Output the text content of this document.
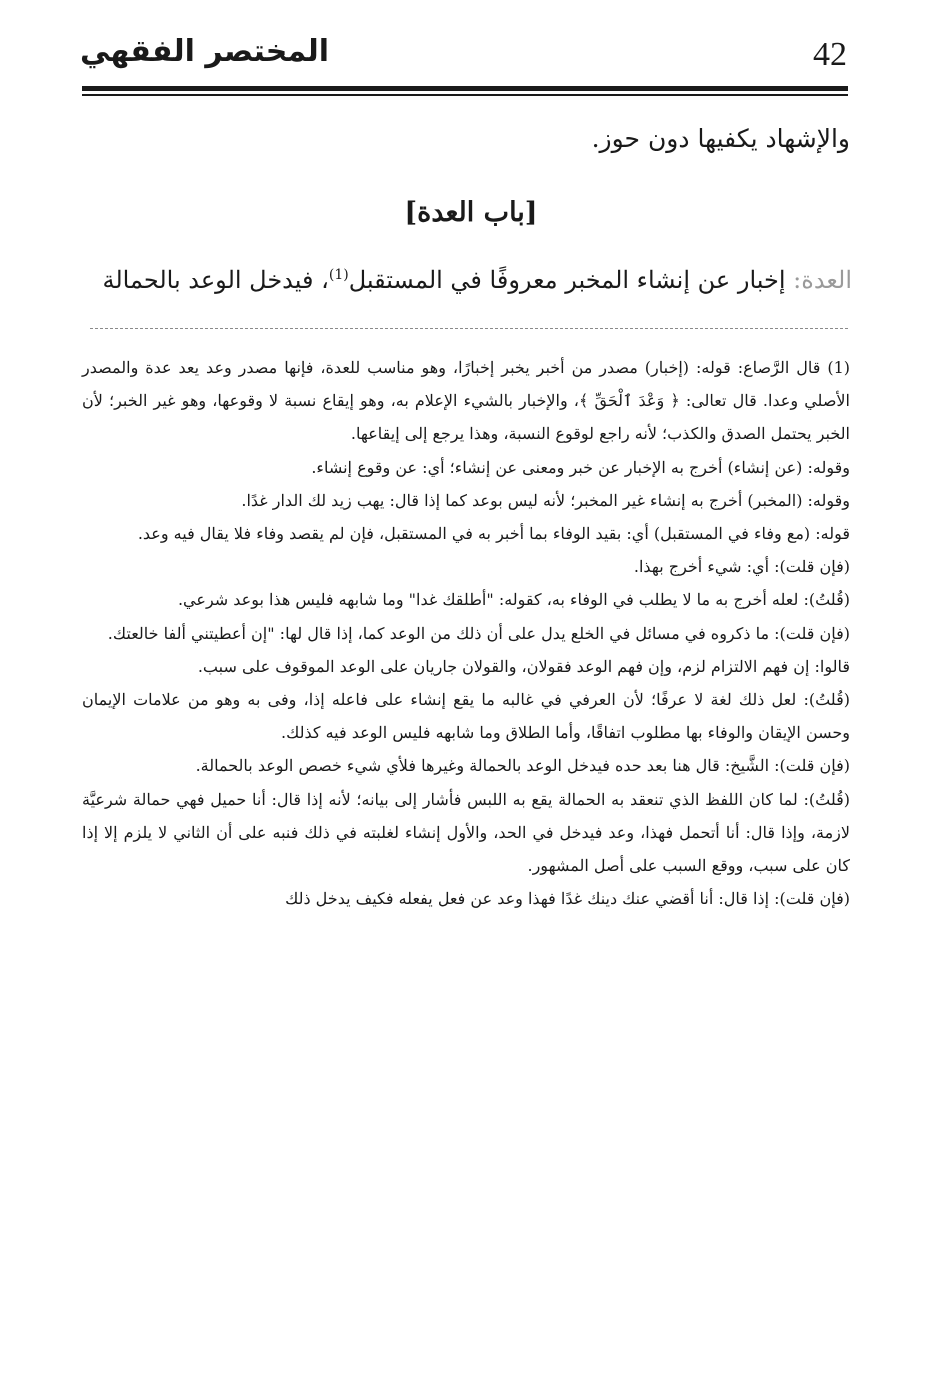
42
المختصر الفقهي
والإشهاد يكفيها دون حوز.
[باب العدة]
العدة: إخبار عن إنشاء المخبر معروفًا في المستقبل$^{(1)}$، فيدخل الوعد بالحمالة

(1) قال الرَّصاع: قوله: (إخبار) مصدر من أخبر يخبر إخبارًا، وهو مناسب للعدة، فإنها مصدر وعد يعد عدة والمصدر الأصلي وعدا. قال تعالى: ﴿ وَعْدَ ٱلْحَقِّ ﴾، والإخبار بالشيء الإعلام به، وهو إيقاع نسبة لا وقوعها، وهو غير الخبر؛ لأن الخبر يحتمل الصدق والكذب؛ لأنه راجع لوقوع النسبة، وهذا يرجع إلى إيقاعها.

وقوله: (عن إنشاء) أخرج به الإخبار عن خبر ومعنى عن إنشاء؛ أي: عن وقوع إنشاء.

وقوله: (المخبر) أخرج به إنشاء غير المخبر؛ لأنه ليس بوعد كما إذا قال: يهب زيد لك الدار غدًا.

قوله: (مع وفاء في المستقبل) أي: بقيد الوفاء بما أخبر به في المستقبل، فإن لم يقصد وفاء فلا يقال فيه وعد.

(فإن قلت): أي: شيء أخرج بهذا.

(قُلتُ): لعله أخرج به ما لا يطلب في الوفاء به، كقوله: "أطلقك غدا" وما شابهه فليس هذا بوعد شرعي.

(فإن قلت): ما ذكروه في مسائل في الخلع يدل على أن ذلك من الوعد كما، إذا قال لها: "إن أعطيتني ألفا خالعتك.

قالوا: إن فهم الالتزام لزم، وإن فهم الوعد فقولان، والقولان جاريان على الوعد الموقوف على سبب.

(قُلتُ): لعل ذلك لغة لا عرفًا؛ لأن العرفي في غالبه ما يقع إنشاء على فاعله إذا، وفى به وهو من علامات الإيمان وحسن الإيقان والوفاء بها مطلوب اتفاقًا، وأما الطلاق وما شابهه فليس الوعد فيه كذلك.

(فإن قلت): الشَّيخ: قال هنا بعد حده فيدخل الوعد بالحمالة وغيرها فلأي شيء خصص الوعد بالحمالة.

(قُلتُ): لما كان اللفظ الذي تنعقد به الحمالة يقع به اللبس فأشار إلى بيانه؛ لأنه إذا قال: أنا حميل فهي حمالة شرعيَّة لازمة، وإذا قال: أنا أتحمل فهذا، وعد فيدخل في الحد، والأول إنشاء لغلبته في ذلك فنبه على أن الثاني لا يلزم إلا إذا كان على سبب، ووقع السبب على أصل المشهور.

(فإن قلت): إذا قال: أنا أقضي عنك دينك غدًا فهذا وعد عن فعل يفعله فكيف يدخل ذلك
